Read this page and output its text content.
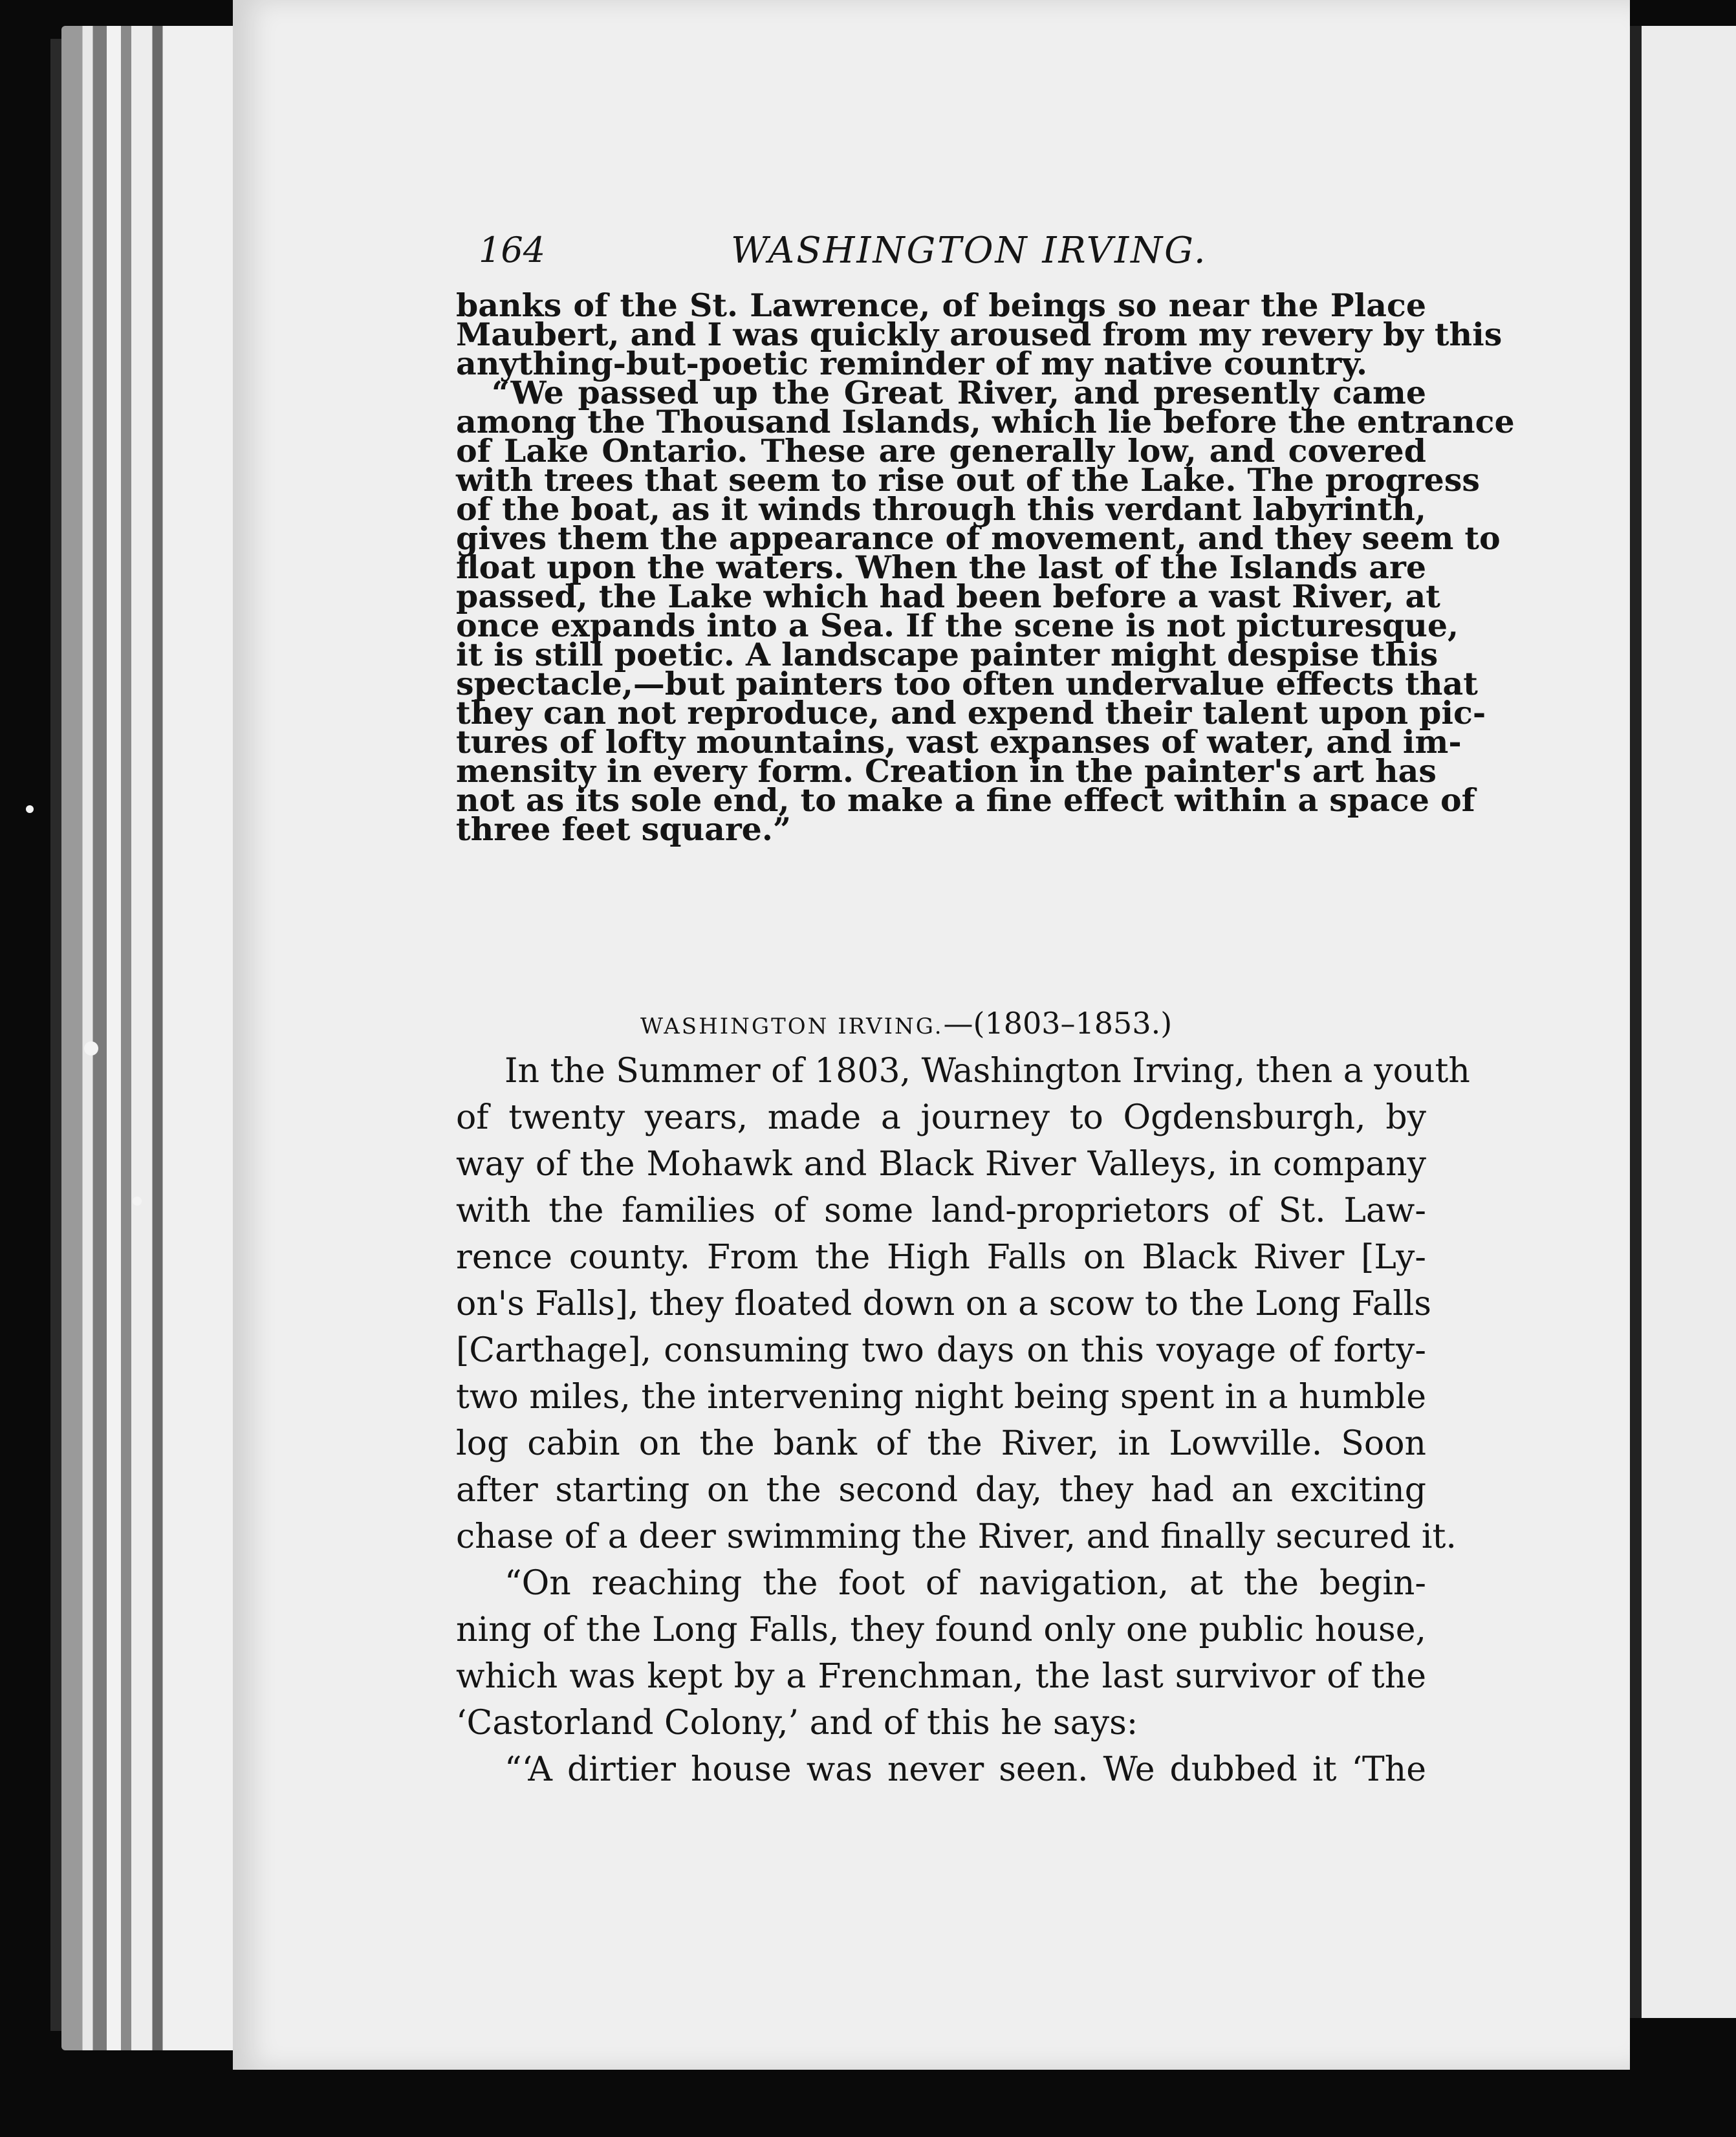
164	WASHINGTON IRVING.
banks of the St. Lawrence, of beings so near the Place
Maubert, and I was quickly aroused from my revery by this
anything-but-poetic reminder of my native country.
“We passed up the Great River, and presently came
among the Thousand Islands, which lie before the entrance
of Lake Ontario. These are generally low, and covered
with trees that seem to rise out of the Lake. The progress
of the boat, as it winds through this verdant labyrinth,
gives them the appearance of movement, and they seem to
float upon the waters. When the last of the Islands are
passed, the Lake which had been before a vast River, at
once expands into a Sea. If the scene is not picturesque,
it is still poetic. A landscape painter might despise this
spectacle,—but painters too often undervalue effects that
they can not reproduce, and expend their talent upon pic-
tures of lofty mountains, vast expanses of water, and im-
mensity in every form. Creation in the painter's art has
not as its sole end, to make a fine effect within a space of
three feet square.”
WASHINGTON IRVING.—(1803–1853.)
In the Summer of 1803, Washington Irving, then a youth
of twenty years, made a journey to Ogdensburgh, by
way of the Mohawk and Black River Valleys, in company
with the families of some land-proprietors of St. Law-
rence county. From the High Falls on Black River [Ly-
on's Falls], they floated down on a scow to the Long Falls
[Carthage], consuming two days on this voyage of forty-
two miles, the intervening night being spent in a humble
log cabin on the bank of the River, in Lowville. Soon
after starting on the second day, they had an exciting
chase of a deer swimming the River, and finally secured it.
“On reaching the foot of navigation, at the begin-
ning of the Long Falls, they found only one public house,
which was kept by a Frenchman, the last survivor of the
‘Castorland Colony,’ and of this he says:
“‘A dirtier house was never seen. We dubbed it ‘The
